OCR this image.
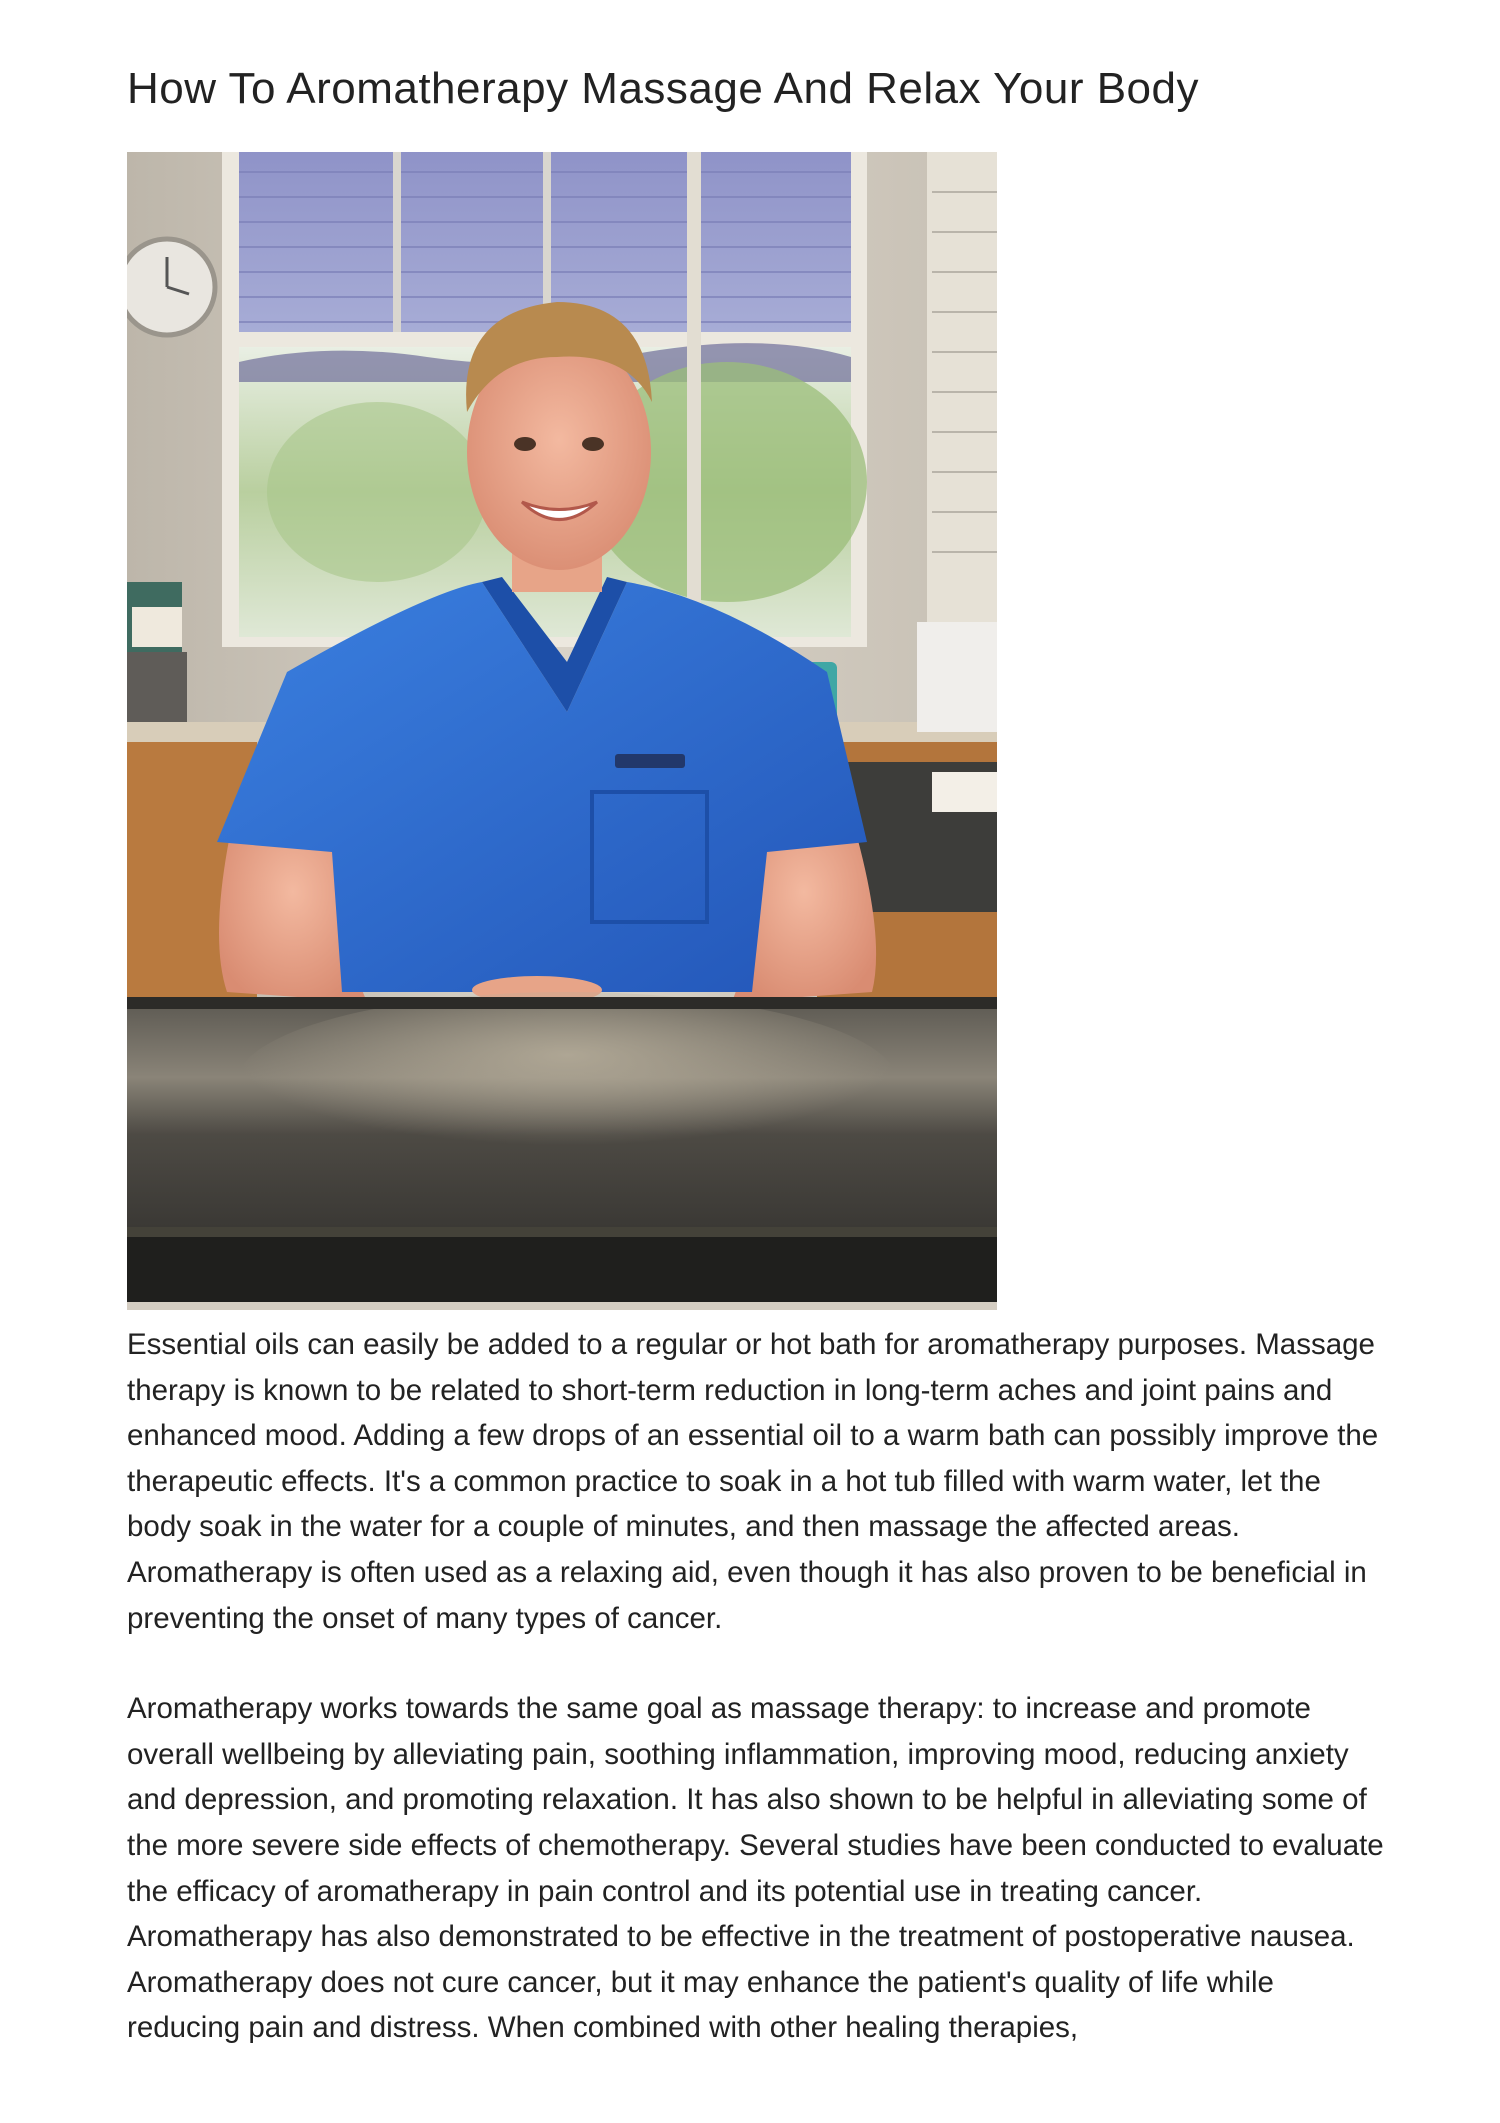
How To Aromatherapy Massage And Relax Your Body

Essential oils can easily be added to a regular or hot bath for aromatherapy purposes. Massage therapy is known to be related to short-term reduction in long-term aches and joint pains and enhanced mood. Adding a few drops of an essential oil to a warm bath can possibly improve the therapeutic effects. It's a common practice to soak in a hot tub filled with warm water, let the body soak in the water for a couple of minutes, and then massage the affected areas. Aromatherapy is often used as a relaxing aid, even though it has also proven to be beneficial in preventing the onset of many types of cancer.

Aromatherapy works towards the same goal as massage therapy: to increase and promote overall wellbeing by alleviating pain, soothing inflammation, improving mood, reducing anxiety and depression, and promoting relaxation. It has also shown to be helpful in alleviating some of the more severe side effects of chemotherapy. Several studies have been conducted to evaluate the efficacy of aromatherapy in pain control and its potential use in treating cancer. Aromatherapy has also demonstrated to be effective in the treatment of postoperative nausea. Aromatherapy does not cure cancer, but it may enhance the patient's quality of life while reducing pain and distress. When combined with other healing therapies,
